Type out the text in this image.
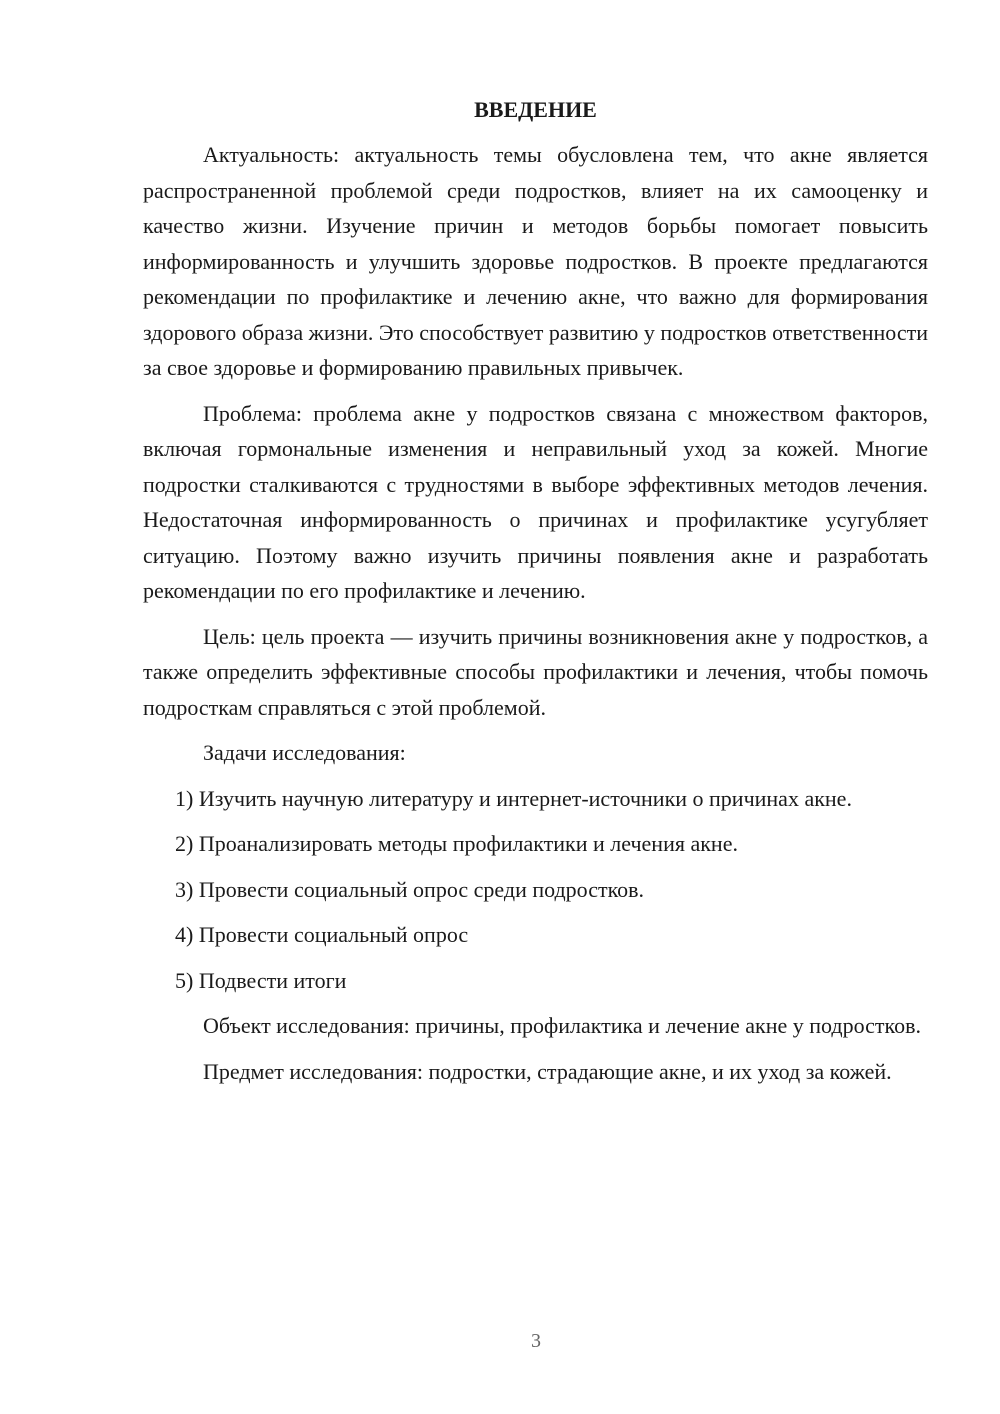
ВВЕДЕНИЕ

Актуальность: актуальность темы обусловлена тем, что акне является распространенной проблемой среди подростков, влияет на их самооценку и качество жизни. Изучение причин и методов борьбы помогает повысить информированность и улучшить здоровье подростков. В проекте предлагаются рекомендации по профилактике и лечению акне, что важно для формирования здорового образа жизни. Это способствует развитию у подростков ответственности за свое здоровье и формированию правильных привычек.

Проблема: проблема акне у подростков связана с множеством факторов, включая гормональные изменения и неправильный уход за кожей. Многие подростки сталкиваются с трудностями в выборе эффективных методов лечения. Недостаточная информированность о причинах и профилактике усугубляет ситуацию. Поэтому важно изучить причины появления акне и разработать рекомендации по его профилактике и лечению.

Цель: цель проекта — изучить причины возникновения акне у подростков, а также определить эффективные способы профилактики и лечения, чтобы помочь подросткам справляться с этой проблемой.

Задачи исследования:

1) Изучить научную литературу и интернет-источники о причинах акне.

2) Проанализировать методы профилактики и лечения акне.

3) Провести социальный опрос среди подростков.

4) Провести социальный опрос

5) Подвести итоги

Объект исследования: причины, профилактика и лечение акне у подростков.

Предмет исследования: подростки, страдающие акне, и их уход за кожей.

3
